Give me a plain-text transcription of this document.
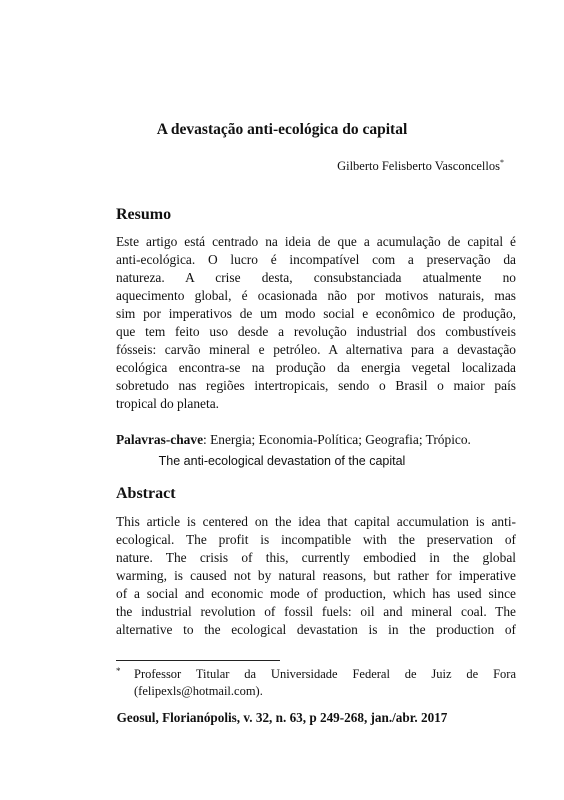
A devastação anti-ecológica do capital
Gilberto Felisberto Vasconcellos*
Resumo
Este artigo está centrado na ideia de que a acumulação de capital é
anti-ecológica. O lucro é incompatível com a preservação da
natureza. A crise desta, consubstanciada atualmente no
aquecimento global, é ocasionada não por motivos naturais, mas
sim por imperativos de um modo social e econômico de produção,
que tem feito uso desde a revolução industrial dos combustíveis
fósseis: carvão mineral e petróleo. A alternativa para a devastação
ecológica encontra-se na produção da energia vegetal localizada
sobretudo nas regiões intertropicais, sendo o Brasil o maior país
tropical do planeta.
Palavras-chave: Energia; Economia-Política; Geografia; Trópico.
The anti-ecological devastation of the capital
Abstract
This article is centered on the idea that capital accumulation is anti-
ecological. The profit is incompatible with the preservation of
nature. The crisis of this, currently embodied in the global
warming, is caused not by natural reasons, but rather for imperative
of a social and economic mode of production, which has used since
the industrial revolution of fossil fuels: oil and mineral coal. The
alternative to the ecological devastation is in the production of
* Professor Titular da Universidade Federal de Juiz de Fora
(felipexls@hotmail.com).
Geosul, Florianópolis, v. 32, n. 63, p 249-268, jan./abr. 2017
